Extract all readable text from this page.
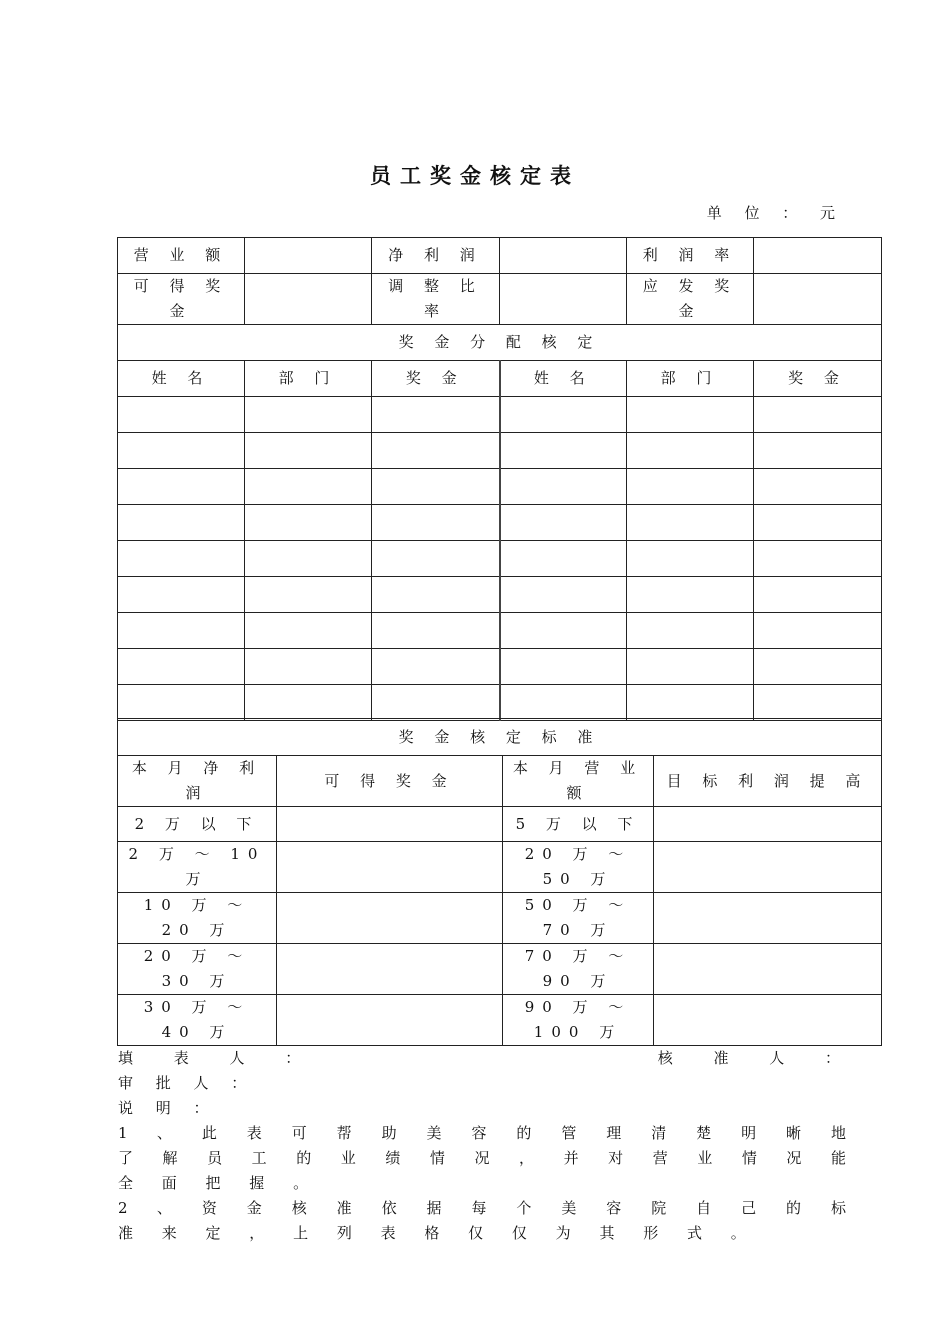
员工奖金核定表
单 位 ： 元
营 业 额		净 利 润		利 润 率	
可 得 奖 金		调 整 比 率		应 发 奖 金	
奖 金 分 配 核 定					
姓 名	部 门	奖 金	姓 名	部 门	奖 金

奖 金 核 定 标 准			
本 月 净 利 润	可 得 奖 金	本 月 营 业 额	目 标 利 润 提 高
2 万 以 下		5 万 以 下	
2 万 ～ 10 万		20 万 ～ 50 万	
10 万 ～ 20 万		50 万 ～ 70 万	
20 万 ～ 30 万		70 万 ～ 90 万	
30 万 ～ 40 万		90 万 ～ 100 万	
填 表 人 ：	核 准 人 ：
审 批 人 ：
说 明 ：
1 、 此 表 可 帮 助 美 容 的 管 理 清 楚 明 晰 地 了 解 员 工 的 业 绩 情 况 ， 并 对 营 业 情 况 能 全 面 把 握 。
2 、 资 金 核 准 依 据 每 个 美 容 院 自 己 的 标 准 来 定 ， 上 列 表 格 仅 仅 为 其 形 式 。
